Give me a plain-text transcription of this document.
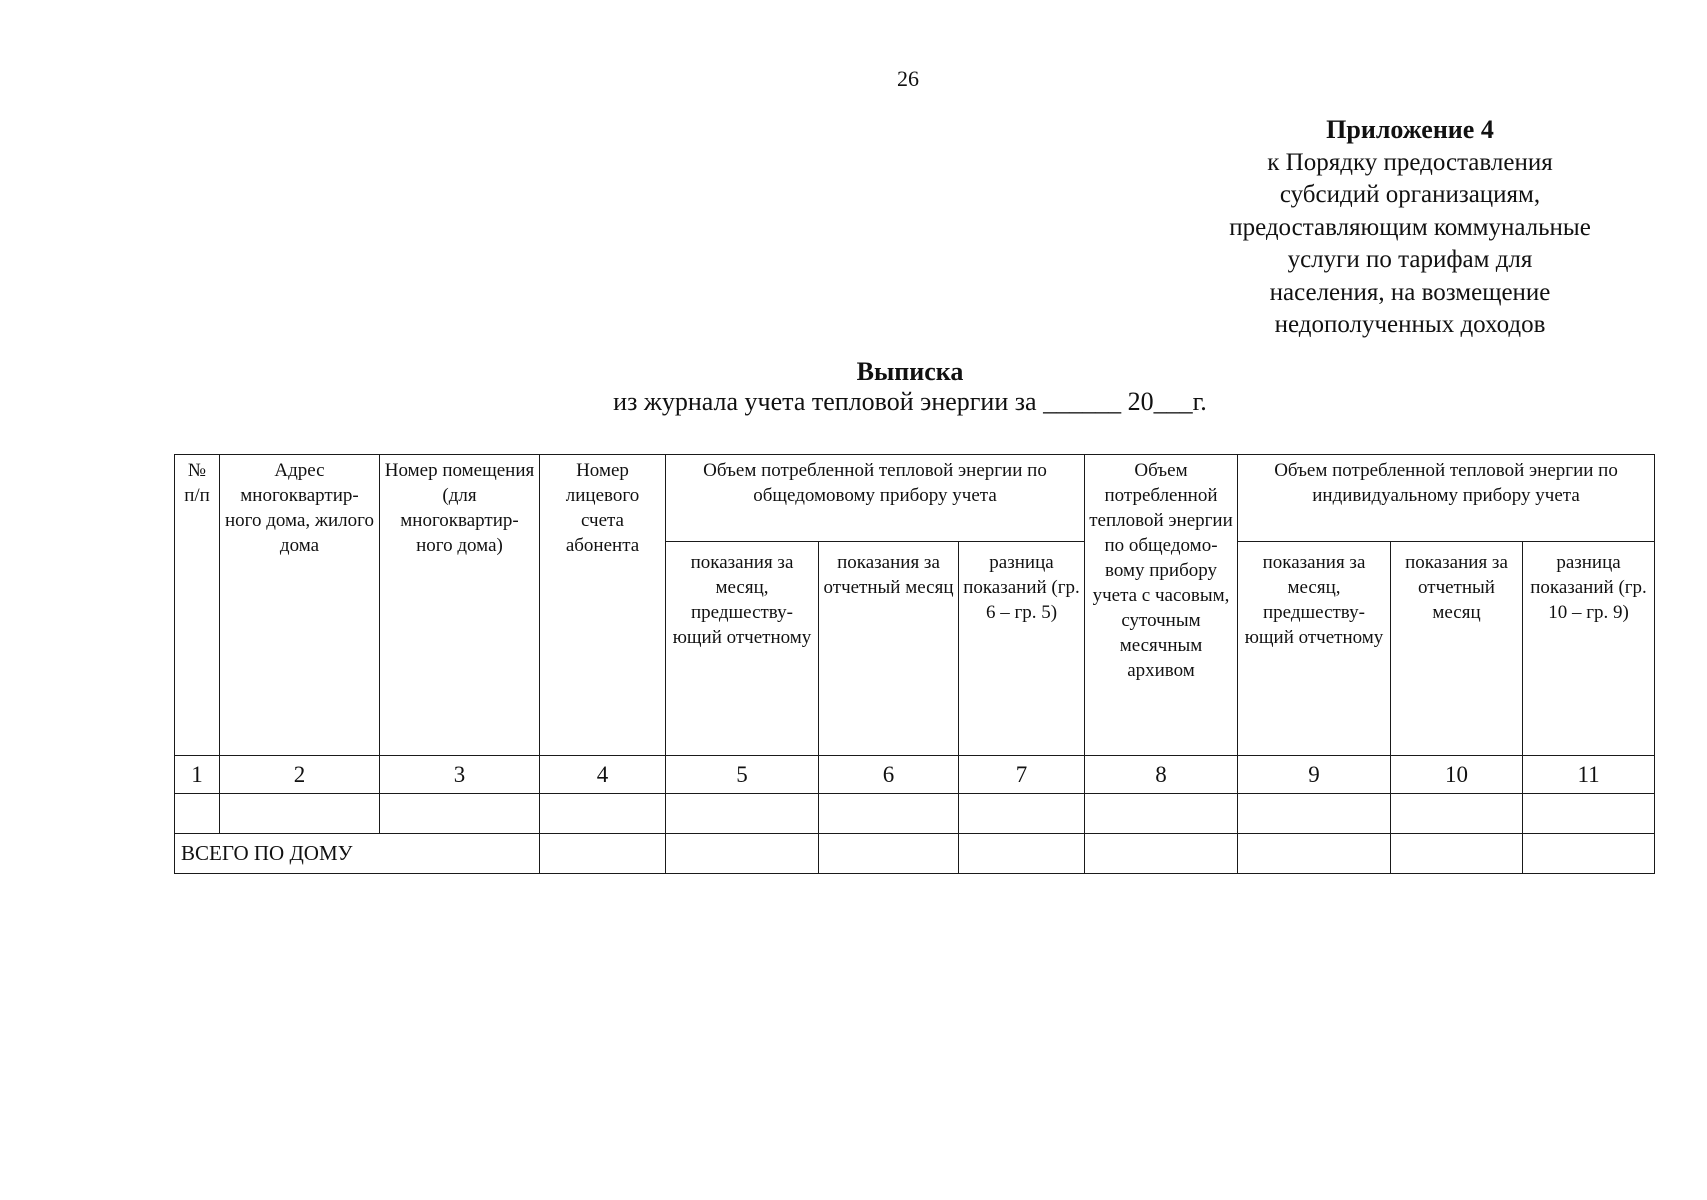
26
Приложение 4
к Порядку предоставления
субсидий организациям,
предоставляющим коммунальные
услуги по тарифам для
населения, на возмещение
недополученных доходов
Выписка
из журнала учета тепловой энергии за ______ 20___г.
№ п/п	Адрес многоквартир-ного дома, жилого дома	Номер помещения (для многоквартир-ного дома)	Номер лицевого счета абонента	Объем потребленной тепловой энергии по общедомовому прибору учета			Объем потребленной тепловой энергии по общедомо-вому прибору учета с часовым, суточным месячным архивом	Объем потребленной тепловой энергии по индивидуальному прибору учета		
				показания за месяц, предшеству-ющий отчетному	показания за отчетный месяц	разница показаний (гр. 6 – гр. 5)		показания за месяц, предшеству-ющий отчетному	показания за отчетный месяц	разница показаний (гр. 10 – гр. 9)
1	2	3	4	5	6	7	8	9	10	11

ВСЕГО ПО ДОМУ										
